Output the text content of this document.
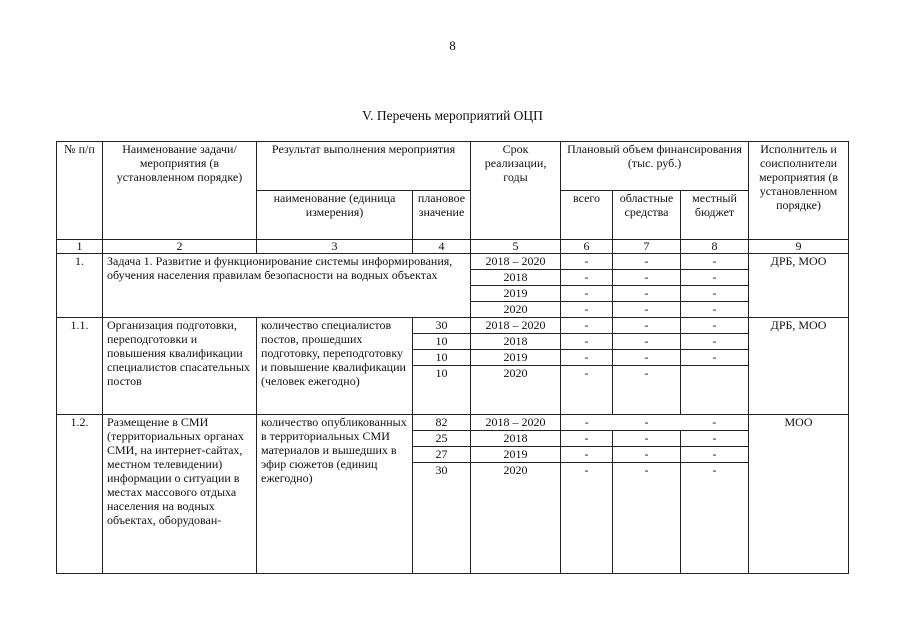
8
V. Перечень мероприятий ОЦП
№ п/п	Наименование задачи/мероприятия (в установленном порядке)	Результат выполнения мероприятия		Срок реализации, годы	Плановый объем финансирования (тыс. руб.)			Исполнитель и соисполнители мероприятия (в установленном порядке)
		наименование (единица измерения)	плановое значение		всего	областные средства	местный бюджет	
1	2	3	4	5	6	7	8	9
1.	Задача 1. Развитие и функционирование системы информирования, обучения населения правилам безопасности на водных объектах			2018 – 2020	-	-	-	ДРБ, МОО
				2018	-	-	-	
				2019	-	-	-	
				2020	-	-	-	
1.1.	Организация подготовки, переподготовки и повышения квалификации специалистов спасательных постов	количество специалистов постов, прошедших подготовку, переподготовку и повышение квалификации (человек ежегодно)	30	2018 – 2020	-	-	-	ДРБ, МОО
			10	2018	-	-	-	
			10	2019	-	-	-	
			10	2020	-	-		
1.2.	Размещение в СМИ (территориальных органах СМИ, на интернет-сайтах, местном телевидении) информации о ситуации в местах массового отдыха населения на водных объектах, оборудован-	количество опубликованных в территориальных СМИ материалов и вышедших в эфир сюжетов (единиц ежегодно)	82	2018 – 2020	-	-	-	МОО
			25	2018	-	-	-	
			27	2019	-	-	-	
			30	2020	-	-	-	
